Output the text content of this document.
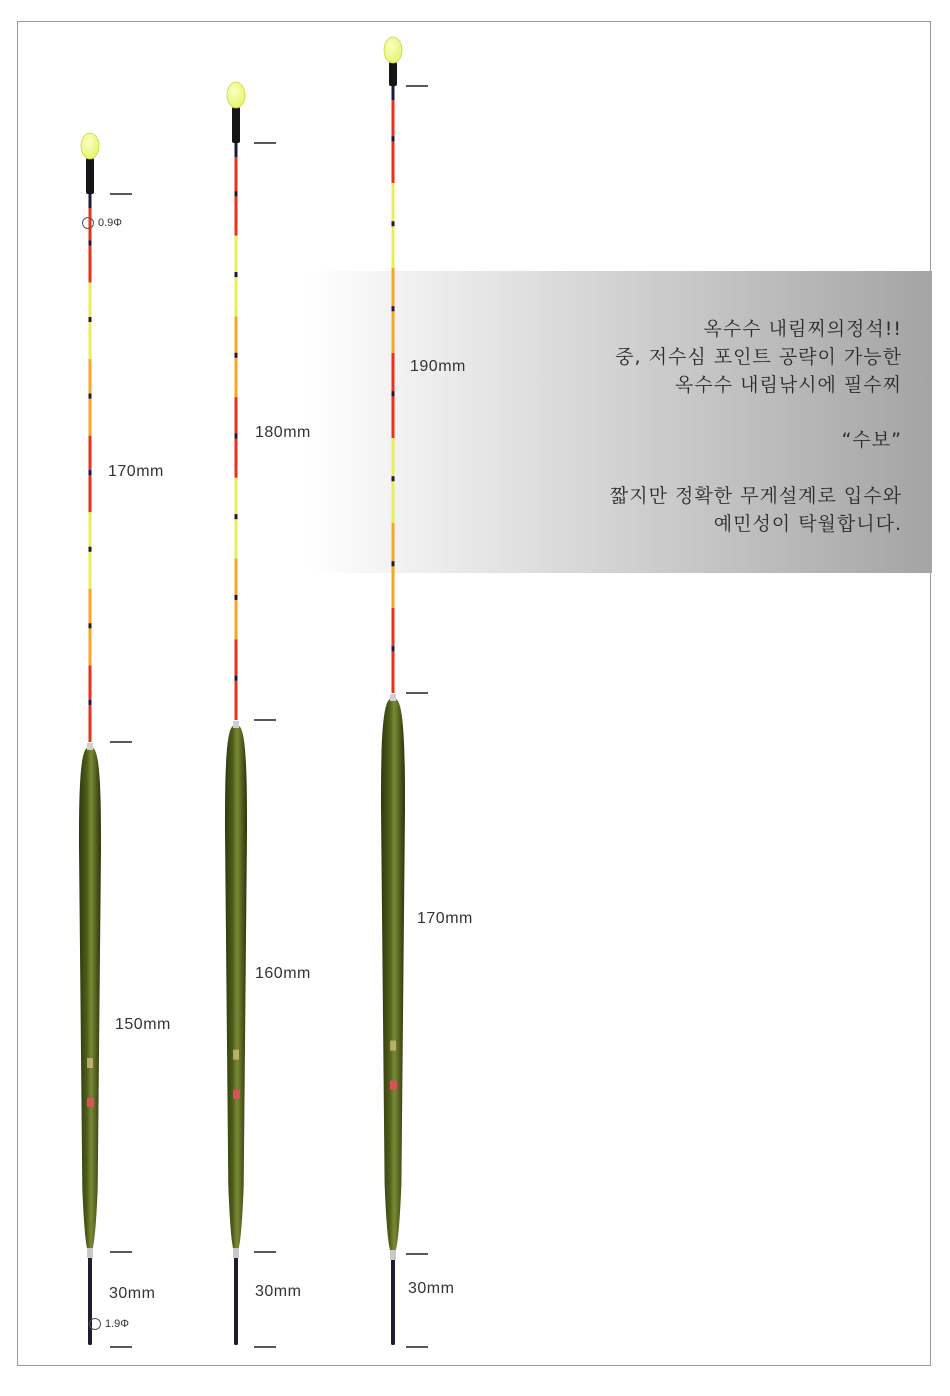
옥수수 내림찌의정석!!
중, 저수심 포인트 공략이 가능한
옥수수 내림낚시에 필수찌
“수보”
짧지만 정확한 무게설계로 입수와
예민성이 탁월합니다.
0.9Φ
170mm
150mm
30mm
1.9Φ
180mm
160mm
30mm
190mm
170mm
30mm
